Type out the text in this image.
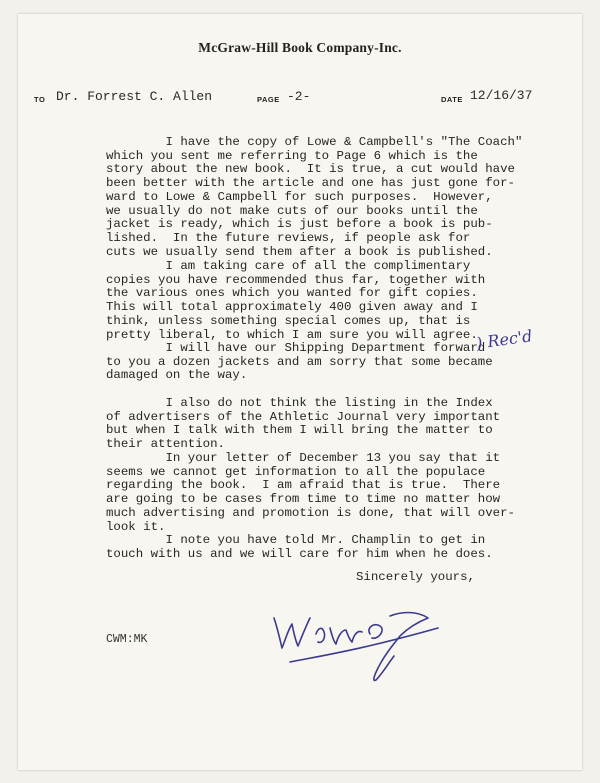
McGraw-Hill Book Company-Inc.
TO Dr. Forrest C. Allen	PAGE -2-	DATE 12/16/37
I have the copy of Lowe & Campbell's "The Coach"
which you sent me referring to Page 6 which is the
story about the new book.  It is true, a cut would have
been better with the article and one has just gone for-
ward to Lowe & Campbell for such purposes.  However,
we usually do not make cuts of our books until the
jacket is ready, which is just before a book is pub-
lished.  In the future reviews, if people ask for
cuts we usually send them after a book is published.
I am taking care of all the complimentary
copies you have recommended thus far, together with
the various ones which you wanted for gift copies.
This will total approximately 400 given away and I
think, unless something special comes up, that is
pretty liberal, to which I am sure you will agree.
I will have our Shipping Department forward
to you a dozen jackets and am sorry that some became
damaged on the way.
I also do not think the listing in the Index
of advertisers of the Athletic Journal very important
but when I talk with them I will bring the matter to
their attention.
In your letter of December 13 you say that it
seems we cannot get information to all the populace
regarding the book.  I am afraid that is true.  There
are going to be cases from time to time no matter how
much advertising and promotion is done, that will over-
look it.
I note you have told Mr. Champlin to get in
touch with us and we will care for him when he does.
Sincerely yours,
CWM:MK
) Rec'd
